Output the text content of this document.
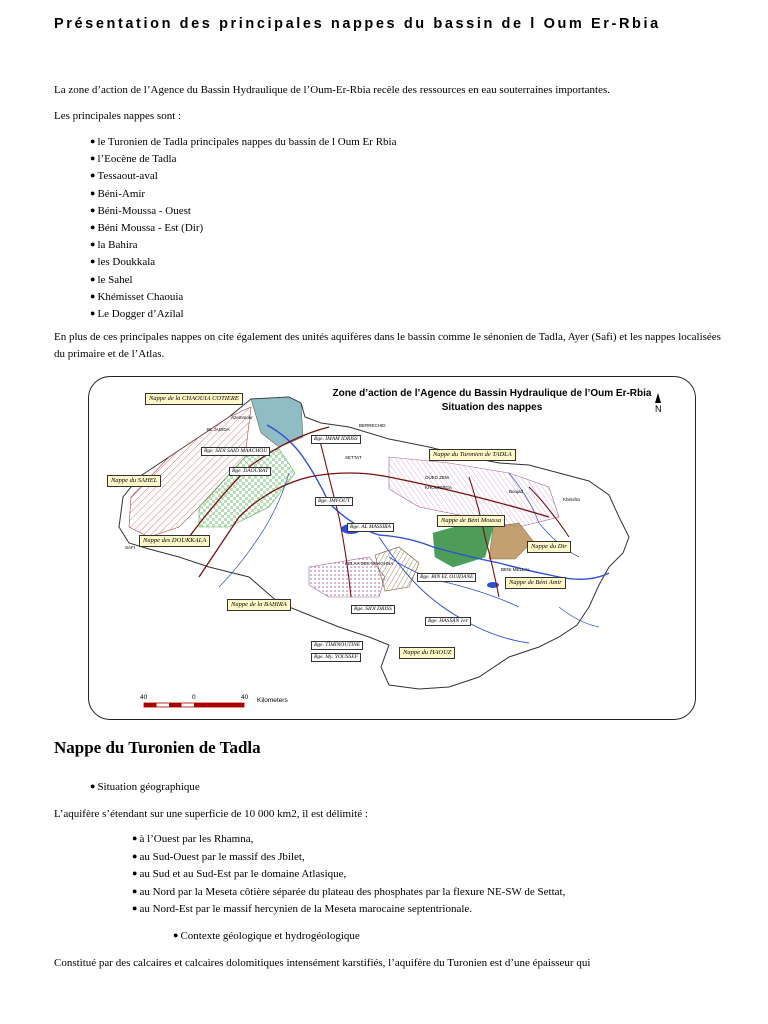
Présentation des principales nappes du bassin de l Oum Er-Rbia
La zone d’action de l’Agence du Bassin Hydraulique de l’Oum-Er-Rbia recèle des ressources en eau souterraines importantes.
Les principales nappes sont :
● le Turonien de Tadla principales nappes du bassin de l Oum Er Rbia
● l’Eocène de Tadla
● Tessaout-aval
● Béni-Amir
● Béni-Moussa - Ouest
● Béni Moussa - Est (Dir)
● la Bahira
● les Doukkala
● le Sahel
● Khémisset Chaouia
● Le Dogger d’Azilal
En plus de ces principales nappes on cite également des unités aquifères dans le bassin comme le sénonien de Tadla, Ayer (Safi) et les nappes localisées du primaire et de l’Atlas.
Zone d’action de l’Agence du Bassin Hydraulique de l’Oum Er-Rbia
Situation des nappes	N
Nappe de la CHAOUIA COTIERE
Nappe du SAHEL
Nappe des DOUKKALA
Nappe de la BAHIRA
Nappe du Turonien de TADLA
Nappe de Béni Moussa
Nappe du Dir
Nappe de Béni Amir
Nappe du HAOUZ
Bge. IMAM IDRISS
Bge. SIDI SAID MAACHOU
Bge. DAOURAT
Bge. IMFOUT
Bge. AL MASSIRA
Bge. BIN EL OUIDANE
Bge. SIDI DRISS
Bge. HASSAN 1er
Bge. TIMINOUTINE
Bge. My. YOUSSEF
Azemmour
BERRECHID
EL JADIDA
SETTAT
OUED ZEM
KHOURIBGA
Boujad
Khénifra
BENI MELLAL
KELAA DES SRAGHNA
SAFI
40	0	40 Kilometers
Nappe du Turonien de Tadla
● Situation géographique
L’aquifère s’étendant sur une superficie de 10 000 km2, il est délimité :
● à l’Ouest par les Rhamna,
● au Sud-Ouest par le massif des Jbilet,
● au Sud et au Sud-Est par le domaine Atlasique,
● au Nord par la Meseta côtière séparée du plateau des phosphates par la flexure NE-SW de Settat,
● au Nord-Est par le massif hercynien de la Meseta marocaine septentrionale.
● Contexte géologique et hydrogéologique
Constitué par des calcaires et calcaires dolomitiques intensément karstifiés, l’aquifère du Turonien est d’une épaisseur qui
